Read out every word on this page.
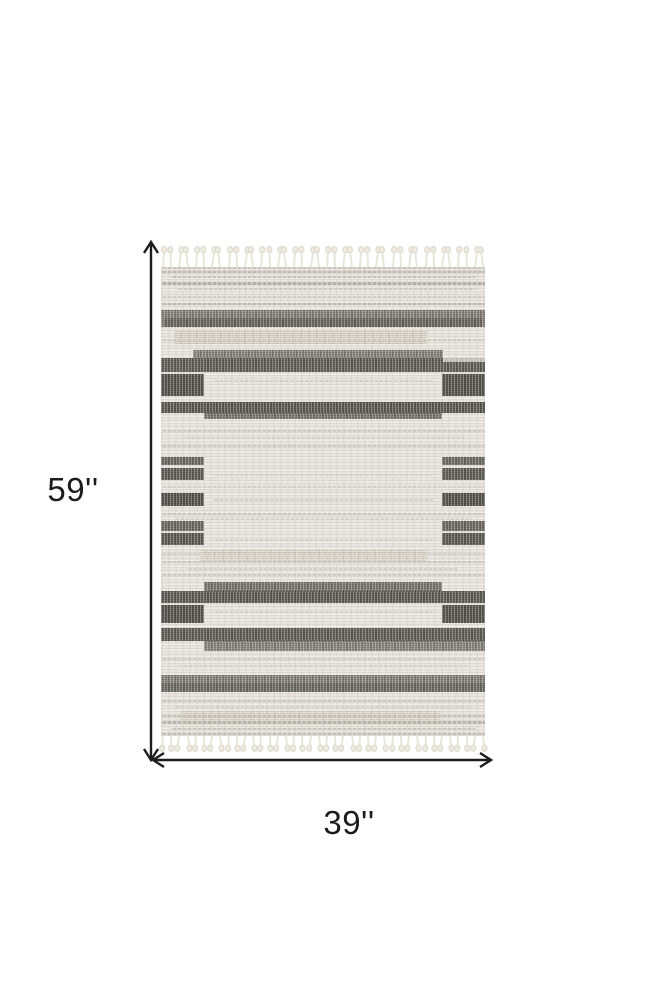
59''
39''
